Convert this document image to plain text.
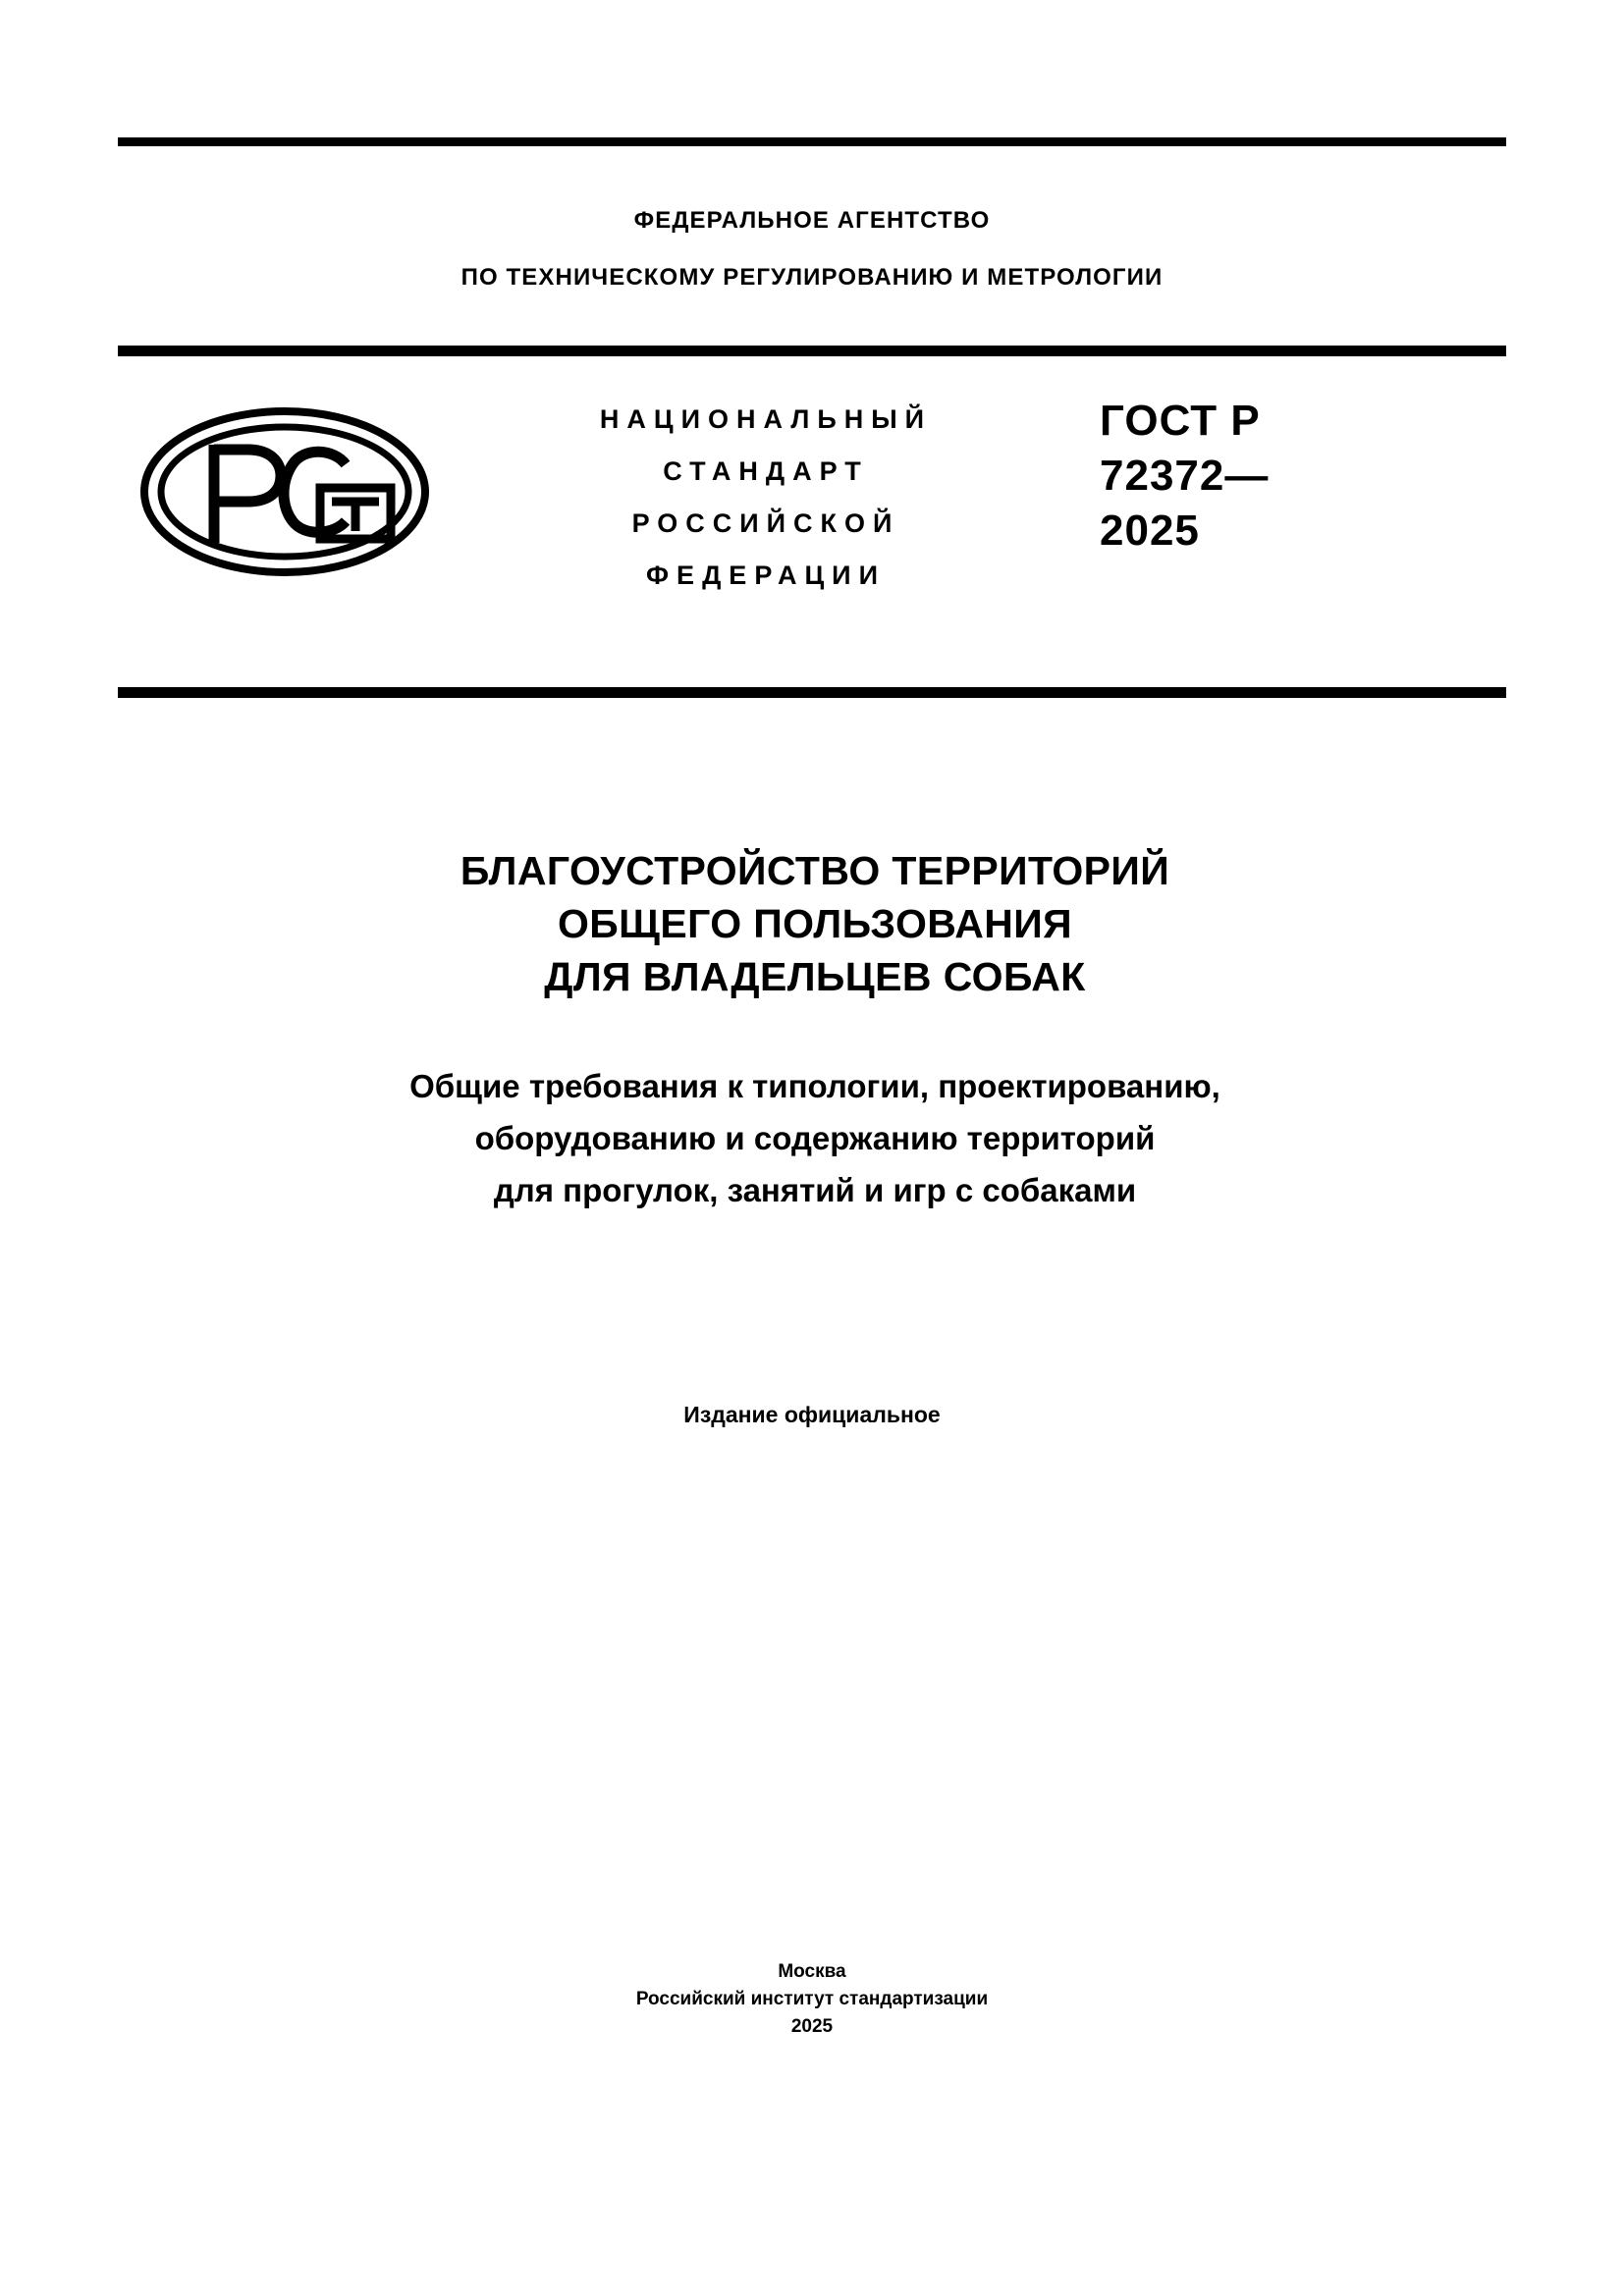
ФЕДЕРАЛЬНОЕ АГЕНТСТВО
ПО ТЕХНИЧЕСКОМУ РЕГУЛИРОВАНИЮ И МЕТРОЛОГИИ
НАЦИОНАЛЬНЫЙ
СТАНДАРТ
РОССИЙСКОЙ
ФЕДЕРАЦИИ
ГОСТ Р
72372—
2025
БЛАГОУСТРОЙСТВО ТЕРРИТОРИЙ
ОБЩЕГО ПОЛЬЗОВАНИЯ
ДЛЯ ВЛАДЕЛЬЦЕВ СОБАК
Общие требования к типологии, проектированию,
оборудованию и содержанию территорий
для прогулок, занятий и игр с собаками
Издание официальное
Москва
Российский институт стандартизации
2025
